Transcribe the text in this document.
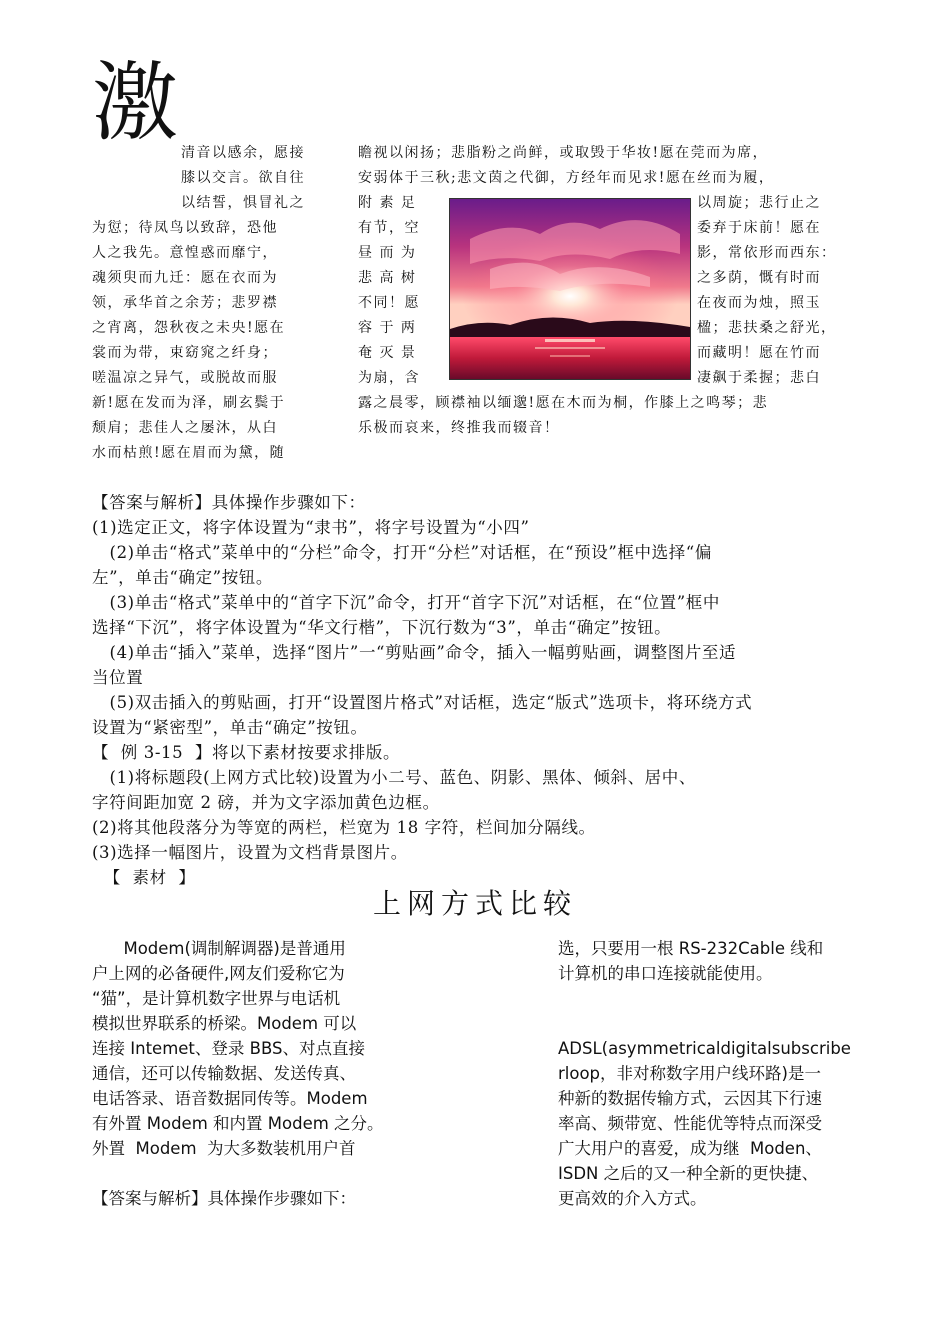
激 清音以感余，愿接
膝以交言。欲自往
以结誓，惧冒礼之
为愆；待凤鸟以致辞，恐他
人之我先。意惶惑而靡宁，
魂须臾而九迁：愿在衣而为
领，承华首之余芳；悲罗襟
之宵离，怨秋夜之未央!愿在
裳而为带，束窈窕之纤身；
嗟温凉之异气，或脱故而服
新!愿在发而为泽，刷玄鬓于
颓肩；悲佳人之屡沐，从白
水而枯煎!愿在眉而为黛，随
瞻视以闲扬；悲脂粉之尚鲜，或取毁于华妆!愿在莞而为席，
安弱体于三秋;悲文茵之代御，方经年而见求!愿在丝而为履，
附 素 足
有节，空
昼 而 为
悲 高 树
不同！愿
容 于 两
奄 灭 景
为扇，含
以周旋；悲行止之
委弃于床前！愿在
影，常依形而西东：
之多荫，慨有时而
在夜而为烛，照玉
楹；悲扶桑之舒光，
而藏明！愿在竹而
凄飙于柔握；悲白
露之晨零，顾襟袖以缅邈!愿在木而为桐，作膝上之鸣琴；悲
乐极而哀来，终推我而辍音！
【答案与解析】具体操作步骤如下：
(1)选定正文，将字体设置为“隶书”，将字号设置为“小四”
(2)单击“格式”菜单中的“分栏”命令，打开“分栏”对话框，在“预设”框中选择“偏
左”，单击“确定”按钮。
(3)单击“格式”菜单中的“首字下沉”命令，打开“首字下沉”对话框，在“位置”框中
选择“下沉”，将字体设置为“华文行楷”，下沉行数为“3”，单击“确定”按钮。
(4)单击“插入”菜单，选择“图片”一“剪贴画”命令，插入一幅剪贴画，调整图片至适
当位置
(5)双击插入的剪贴画，打开“设置图片格式”对话框，选定“版式”选项卡，将环绕方式
设置为“紧密型”，单击“确定”按钮。
【  例 3-15  】将以下素材按要求排版。
(1)将标题段(上网方式比较)设置为小二号、蓝色、阴影、黑体、倾斜、居中、
字符间距加宽 2 磅，并为文字添加黄色边框。
(2)将其他段落分为等宽的两栏，栏宽为 18 字符，栏间加分隔线。
(3)选择一幅图片，设置为文档背景图片。
【  素材  】
上网方式比较
Modem(调制解调器)是普通用
户上网的必备硬件,网友们爱称它为
“猫”，是计算机数字世界与电话机
模拟世界联系的桥梁。Modem 可以
连接 Intemet、登录 BBS、对点直接
通信，还可以传输数据、发送传真、
电话答录、语音数据同传等。Modem
有外置 Modem 和内置 Modem 之分。
外置  Modem  为大多数装机用户首
【答案与解析】具体操作步骤如下：
选，只要用一根 RS-232Cable 线和
计算机的串口连接就能使用。
ADSL(asymmetricaldigitalsubscribe
rloop，非对称数字用户线环路)是一
种新的数据传输方式，云因其下行速
率高、频带宽、性能优等特点而深受
广大用户的喜爱，成为继  Moden、
ISDN 之后的又一种全新的更快捷、
更高效的介入方式。
